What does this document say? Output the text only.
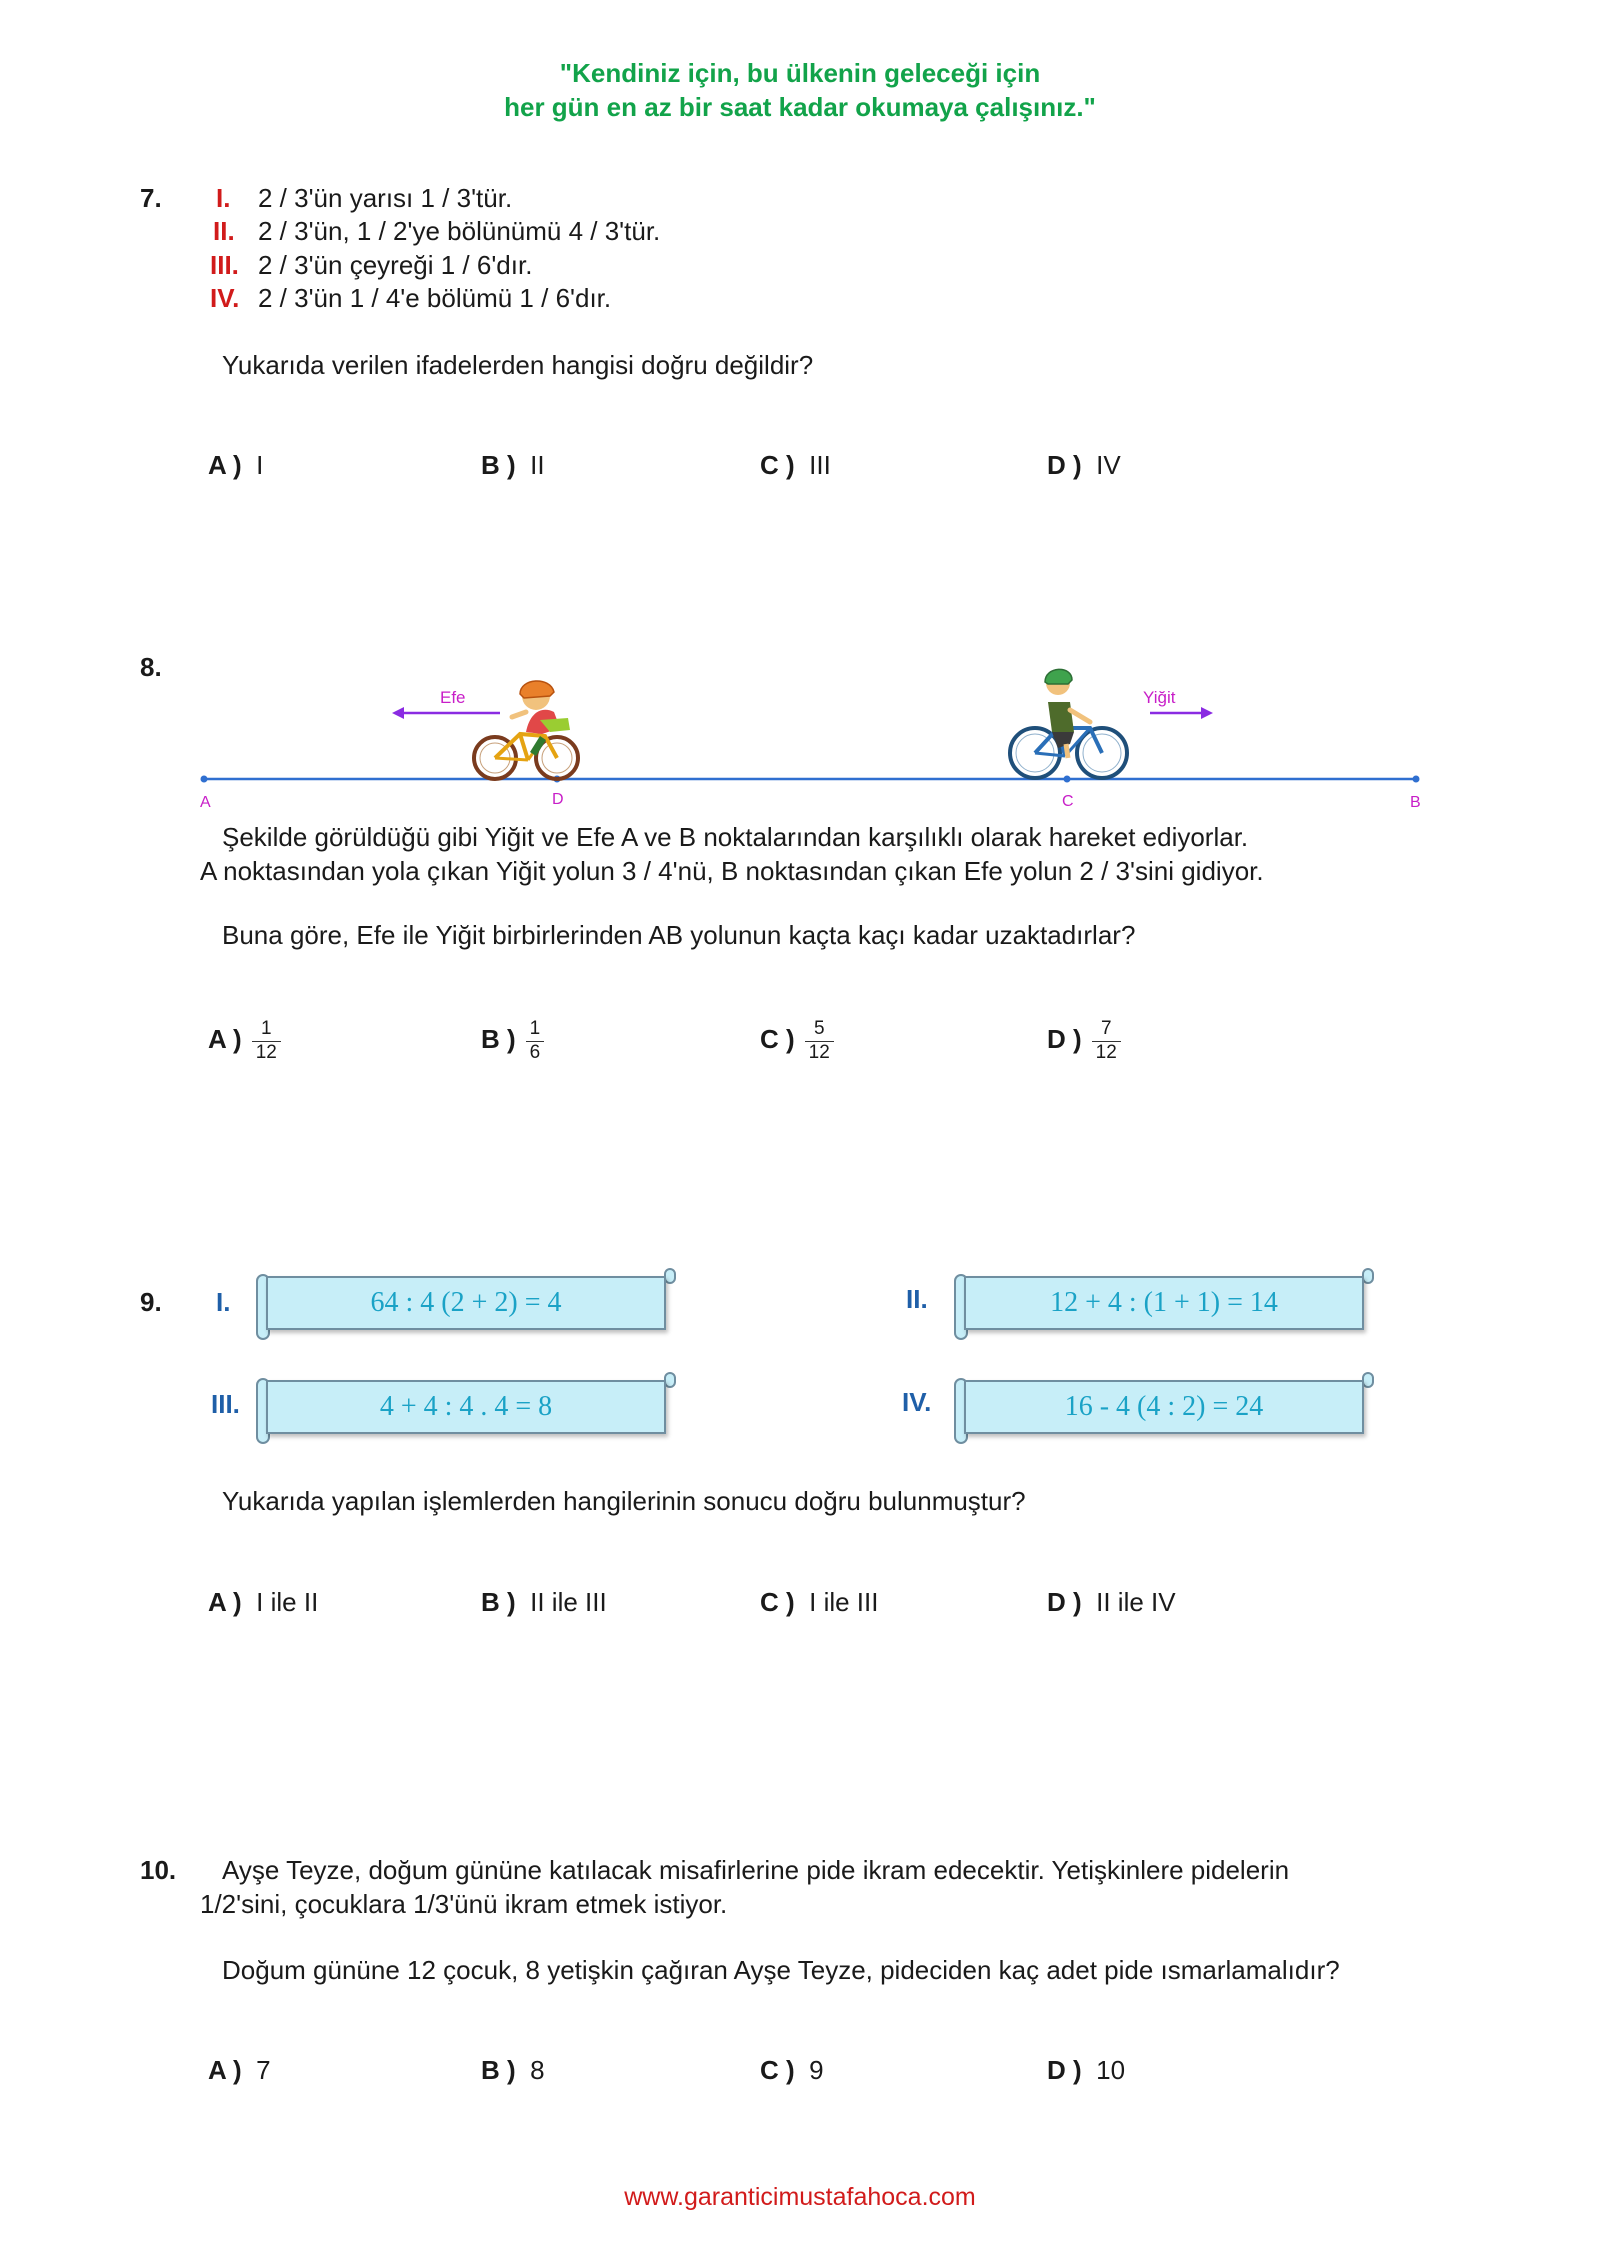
"Kendiniz için, bu ülkenin geleceği için
her gün en az bir saat kadar okumaya çalışınız."
7. I. 2 / 3'ün yarısı 1 / 3'tür.
II. 2 / 3'ün, 1 / 2'ye bölünümü 4 / 3'tür.
III. 2 / 3'ün çeyreği 1 / 6'dır.
IV. 2 / 3'ün 1 / 4'e bölümü 1 / 6'dır.
Yukarıda verilen ifadelerden hangisi doğru değildir?
A ) I	B ) II	C ) III	D ) IV
8.
A	D	C	B
Efe	Yiğit
Şekilde görüldüğü gibi Yiğit ve Efe A ve B noktalarından karşılıklı olarak hareket ediyorlar.
A noktasından yola çıkan Yiğit yolun 3 / 4'nü, B noktasından çıkan Efe yolun 2 / 3'sini gidiyor.
Buna göre, Efe ile Yiğit birbirlerinden AB yolunun kaçta kaçı kadar uzaktadırlar?
A ) $\frac{1}{12}$	B ) $\frac{1}{6}$	C ) $\frac{5}{12}$	D ) $\frac{7}{12}$
9. I.	64 : 4 (2 + 2) = 4	II.	12 + 4 : (1 + 1) = 14
III.	4 + 4 : 4 . 4 = 8	IV.	16 - 4 (4 : 2) = 24
Yukarıda yapılan işlemlerden hangilerinin sonucu doğru bulunmuştur?
A ) I ile II	B ) II ile III	C ) I ile III	D ) II ile IV
10. Ayşe Teyze, doğum gününe katılacak misafirlerine pide ikram edecektir. Yetişkinlere pidelerin
1/2'sini, çocuklara 1/3'ünü ikram etmek istiyor.
Doğum gününe 12 çocuk, 8 yetişkin çağıran Ayşe Teyze, pideciden kaç adet pide ısmarlamalıdır?
A ) 7	B ) 8	C ) 9	D ) 10
www.garanticimustafahoca.com
